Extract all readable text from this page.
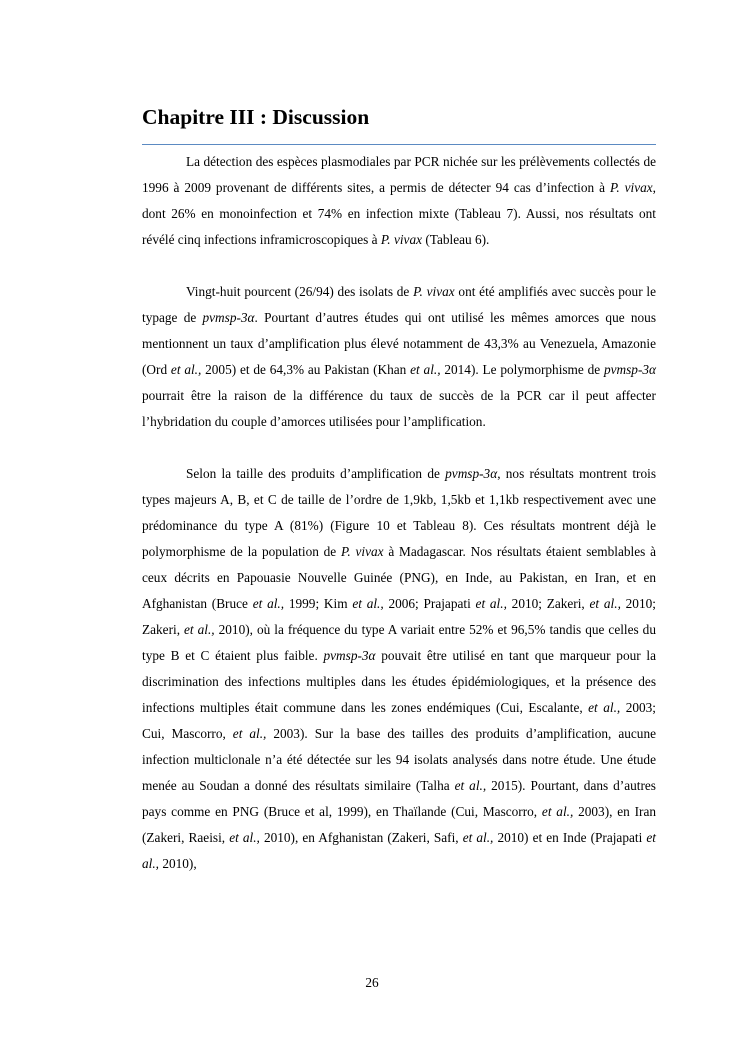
Chapitre III : Discussion

La détection des espèces plasmodiales par PCR nichée sur les prélèvements collectés de 1996 à 2009 provenant de différents sites, a permis de détecter 94 cas d’infection à P. vivax, dont 26% en monoinfection et 74% en infection mixte (Tableau 7). Aussi, nos résultats ont révélé cinq infections inframicroscopiques à P. vivax (Tableau 6).

Vingt-huit pourcent (26/94) des isolats de P. vivax ont été amplifiés avec succès pour le typage de pvmsp-3α. Pourtant d’autres études qui ont utilisé les mêmes amorces que nous mentionnent un taux d’amplification plus élevé notamment de 43,3% au Venezuela, Amazonie (Ord et al., 2005) et de 64,3% au Pakistan (Khan et al., 2014). Le polymorphisme de pvmsp-3α pourrait être la raison de la différence du taux de succès de la PCR car il peut affecter l’hybridation du couple d’amorces utilisées pour l’amplification.

Selon la taille des produits d’amplification de pvmsp-3α, nos résultats montrent trois types majeurs A, B, et C de taille de l’ordre de 1,9kb, 1,5kb et 1,1kb respectivement avec une prédominance du type A (81%) (Figure 10 et Tableau 8). Ces résultats montrent déjà le polymorphisme de la population de P. vivax à Madagascar. Nos résultats étaient semblables à ceux décrits en Papouasie Nouvelle Guinée (PNG), en Inde, au Pakistan, en Iran, et en Afghanistan (Bruce et al., 1999; Kim et al., 2006; Prajapati et al., 2010; Zakeri, et al., 2010; Zakeri, et al., 2010), où la fréquence du type A variait entre 52% et 96,5% tandis que celles du type B et C étaient plus faible. pvmsp-3α pouvait être utilisé en tant que marqueur pour la discrimination des infections multiples dans les études épidémiologiques, et la présence des infections multiples était commune dans les zones endémiques (Cui, Escalante, et al., 2003; Cui, Mascorro, et al., 2003). Sur la base des tailles des produits d’amplification, aucune infection multiclonale n’a été détectée sur les 94 isolats analysés dans notre étude. Une étude menée au Soudan a donné des résultats similaire (Talha et al., 2015). Pourtant, dans d’autres pays comme en PNG (Bruce et al, 1999), en Thaïlande (Cui, Mascorro, et al., 2003), en Iran (Zakeri, Raeisi, et al., 2010), en Afghanistan (Zakeri, Safi, et al., 2010) et en Inde (Prajapati et al., 2010),

26
